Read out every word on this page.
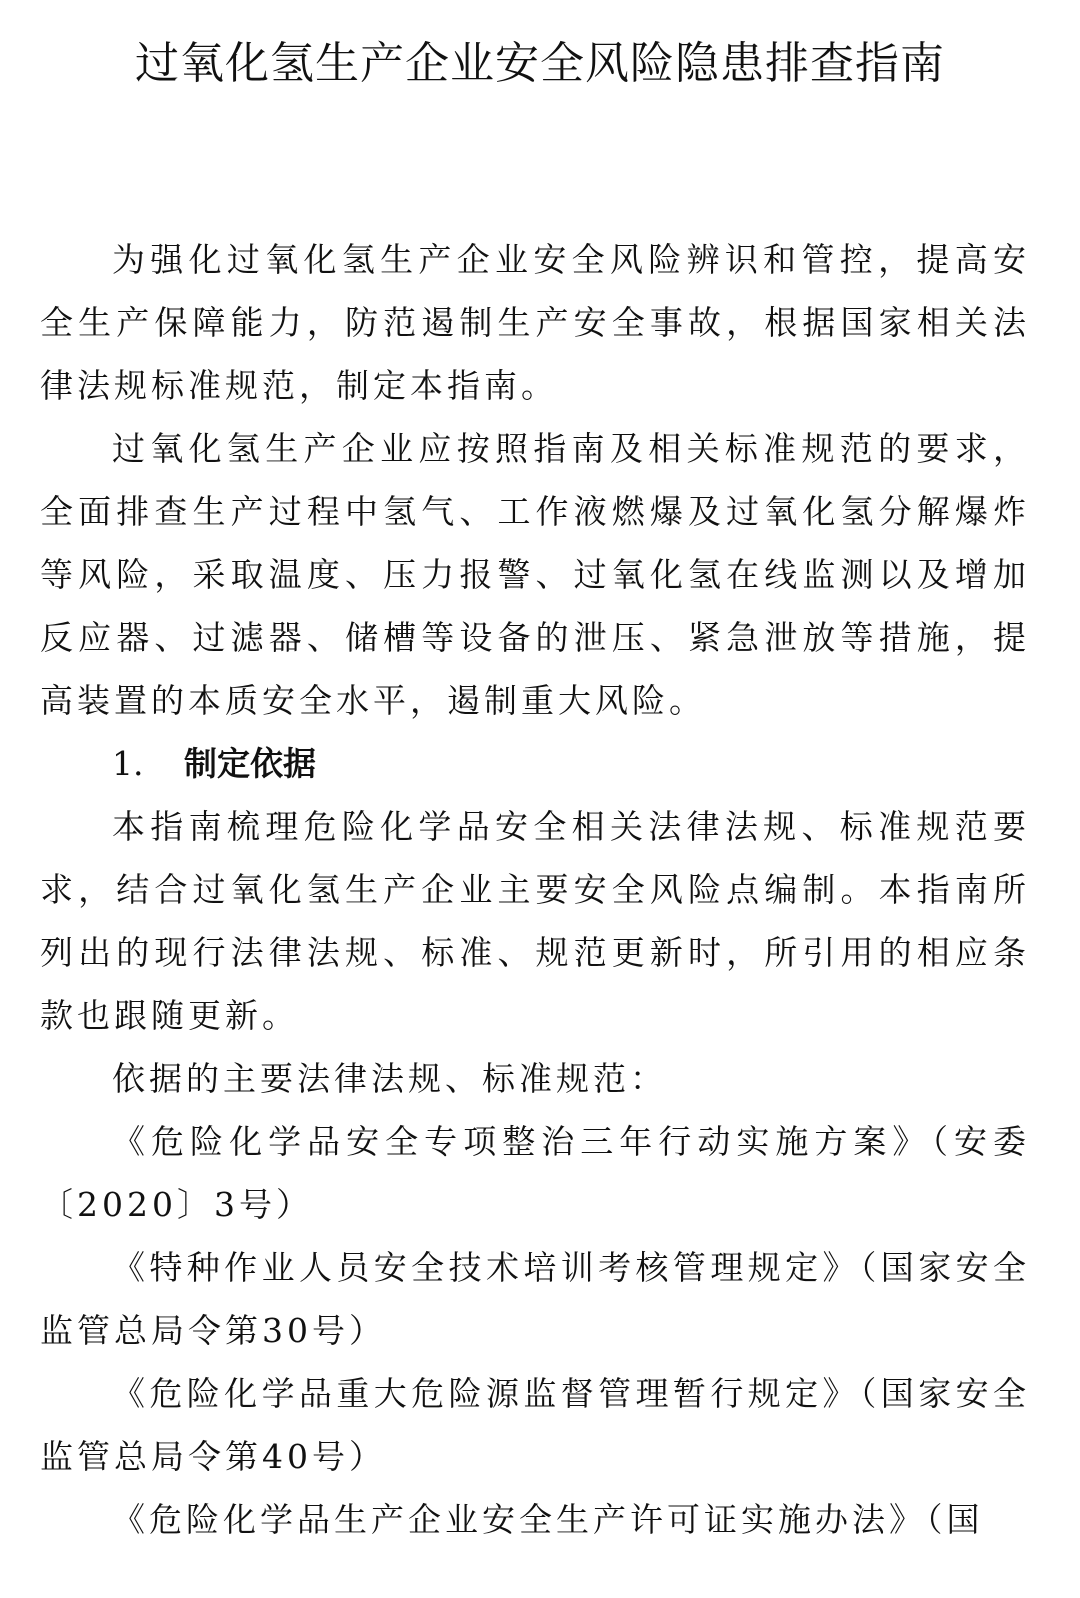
过氧化氢生产企业安全风险隐患排查指南

为强化过氧化氢生产企业安全风险辨识和管控，提高安全生产保障能力，防范遏制生产安全事故，根据国家相关法律法规标准规范，制定本指南。

过氧化氢生产企业应按照指南及相关标准规范的要求，全面排查生产过程中氢气、工作液燃爆及过氧化氢分解爆炸等风险，采取温度、压力报警、过氧化氢在线监测以及增加反应器、过滤器、储槽等设备的泄压、紧急泄放等措施，提高装置的本质安全水平，遏制重大风险。

1. 制定依据

本指南梳理危险化学品安全相关法律法规、标准规范要求，结合过氧化氢生产企业主要安全风险点编制。本指南所列出的现行法律法规、标准、规范更新时，所引用的相应条款也跟随更新。

依据的主要法律法规、标准规范：

《危险化学品安全专项整治三年行动实施方案》（安委〔2020〕3号）

《特种作业人员安全技术培训考核管理规定》（国家安全监管总局令第30号）

《危险化学品重大危险源监督管理暂行规定》（国家安全监管总局令第40号）

《危险化学品生产企业安全生产许可证实施办法》（国
